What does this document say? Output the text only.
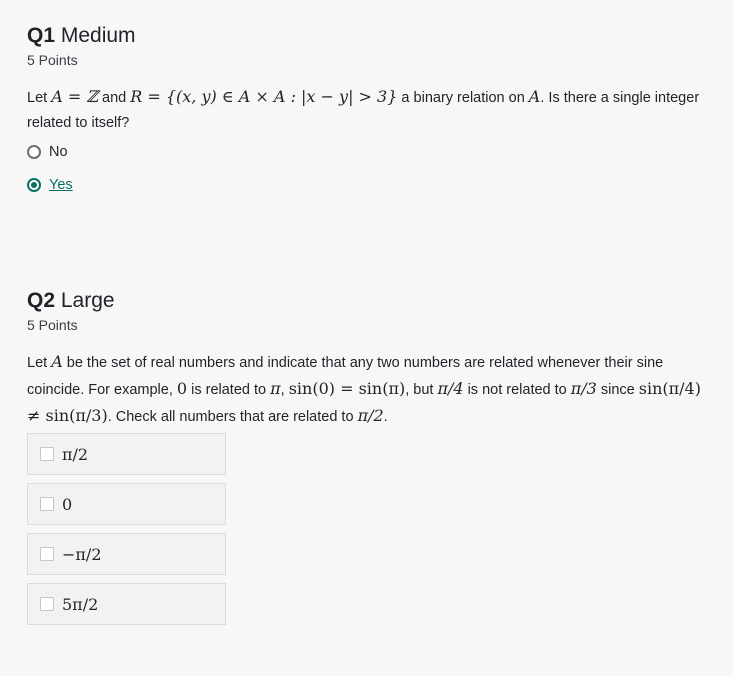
Q1 Medium
5 Points
Let A = ℤ and R = {(x, y) ∈ A × A : |x − y| > 3} a binary relation on A. Is there a single integer related to itself?
No
Yes
Q2 Large
5 Points
Let A be the set of real numbers and indicate that any two numbers are related whenever their sine coincide. For example, 0 is related to π, sin(0) = sin(π), but π/4 is not related to π/3 since sin(π/4) ≠ sin(π/3). Check all numbers that are related to π/2.
π/2
0
−π/2
5π/2
